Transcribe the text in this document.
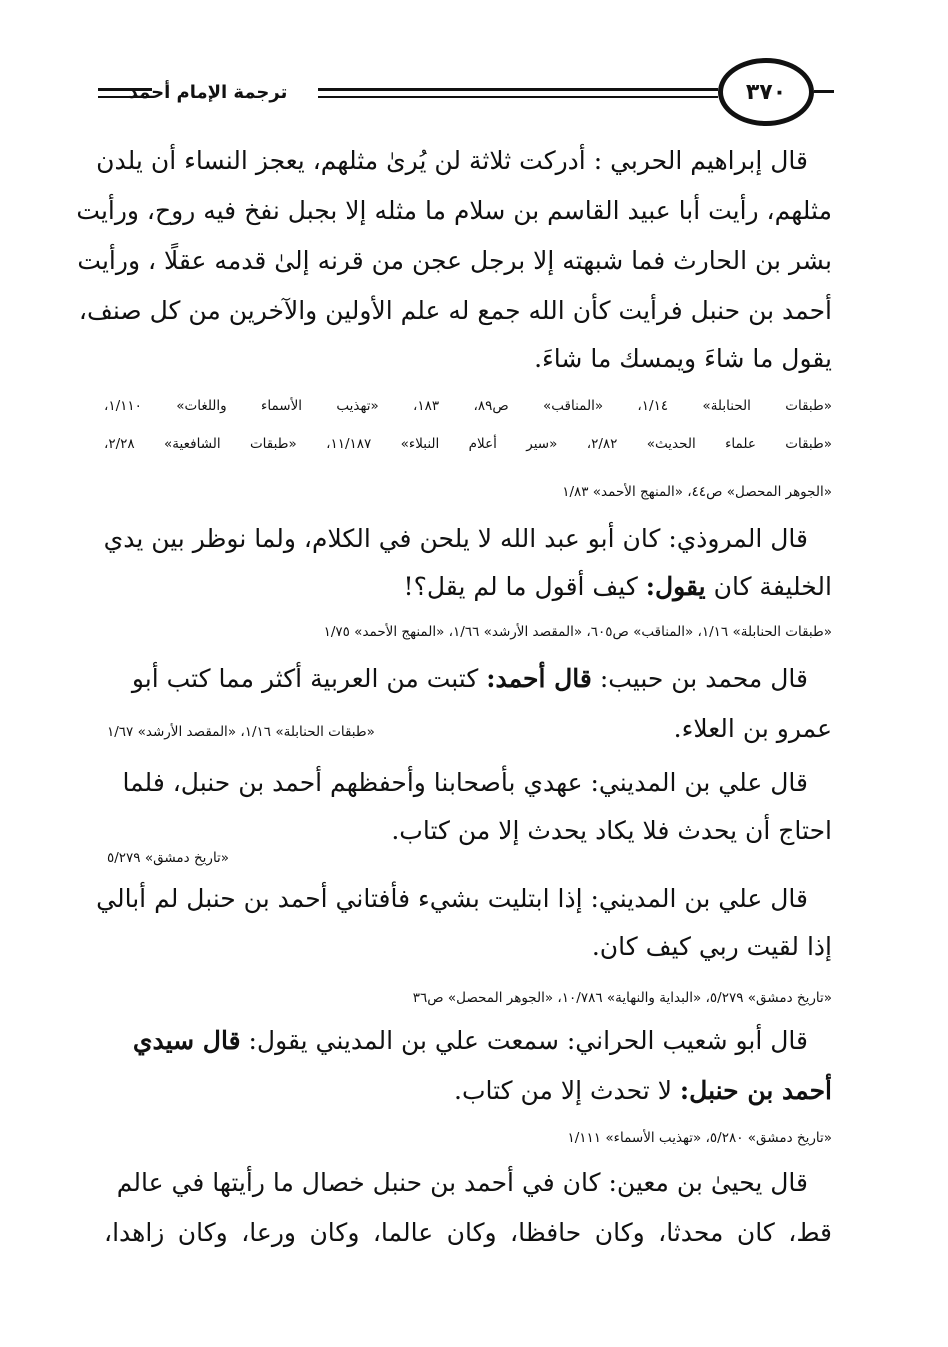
ترجمة الإمام أحمد	٣٧٠
قال إبراهيم الحربي : أدركت ثلاثة لن يُرىٰ مثلهم، يعجز النساء أن يلدن
مثلهم، رأيت أبا عبيد القاسم بن سلام ما مثله إلا بجبل نفخ فيه روح، ورأيت
بشر بن الحارث فما شبهته إلا برجل عجن من قرنه إلىٰ قدمه عقلًا ، ورأيت
أحمد بن حنبل فرأيت كأن الله جمع له علم الأولين والآخرين من كل صنف،
يقول ما شاءَ ويمسك ما شاءَ.
«طبقات الحنابلة» ١/١٤، «المناقب» ص٨٩، ١٨٣، «تهذيب الأسماء واللغات» ١/١١٠،
«طبقات علماء الحديث» ٢/٨٢، «سير أعلام النبلاء» ١١/١٨٧، «طبقات الشافعية» ٢/٢٨،
«الجوهر المحصل» ص٤٤، «المنهج الأحمد» ١/٨٣
قال المروذي: كان أبو عبد الله لا يلحن في الكلام، ولما نوظر بين يدي
الخليفة كان يقول: كيف أقول ما لم يقل؟!
«طبقات الحنابلة» ١/١٦، «المناقب» ص٦٠٥، «المقصد الأرشد» ١/٦٦، «المنهج الأحمد» ١/٧٥
قال محمد بن حبيب: قال أحمد: كتبت من العربية أكثر مما كتب أبو
عمرو بن العلاء.
«طبقات الحنابلة» ١/١٦، «المقصد الأرشد» ١/٦٧
قال علي بن المديني: عهدي بأصحابنا وأحفظهم أحمد بن حنبل، فلما
احتاج أن يحدث فلا يكاد يحدث إلا من كتاب.
«تاريخ دمشق» ٥/٢٧٩
قال علي بن المديني: إذا ابتليت بشيء فأفتاني أحمد بن حنبل لم أبالي
إذا لقيت ربي كيف كان.
«تاريخ دمشق» ٥/٢٧٩، «البداية والنهاية» ١٠/٧٨٦، «الجوهر المحصل» ص٣٦
قال أبو شعيب الحراني: سمعت علي بن المديني يقول: قال سيدي
أحمد بن حنبل: لا تحدث إلا من كتاب.
«تاريخ دمشق» ٥/٢٨٠، «تهذيب الأسماء» ١/١١١
قال يحيىٰ بن معين: كان في أحمد بن حنبل خصال ما رأيتها في عالم
قط، كان محدثا، وكان حافظا، وكان عالما، وكان ورعا، وكان زاهدا،
